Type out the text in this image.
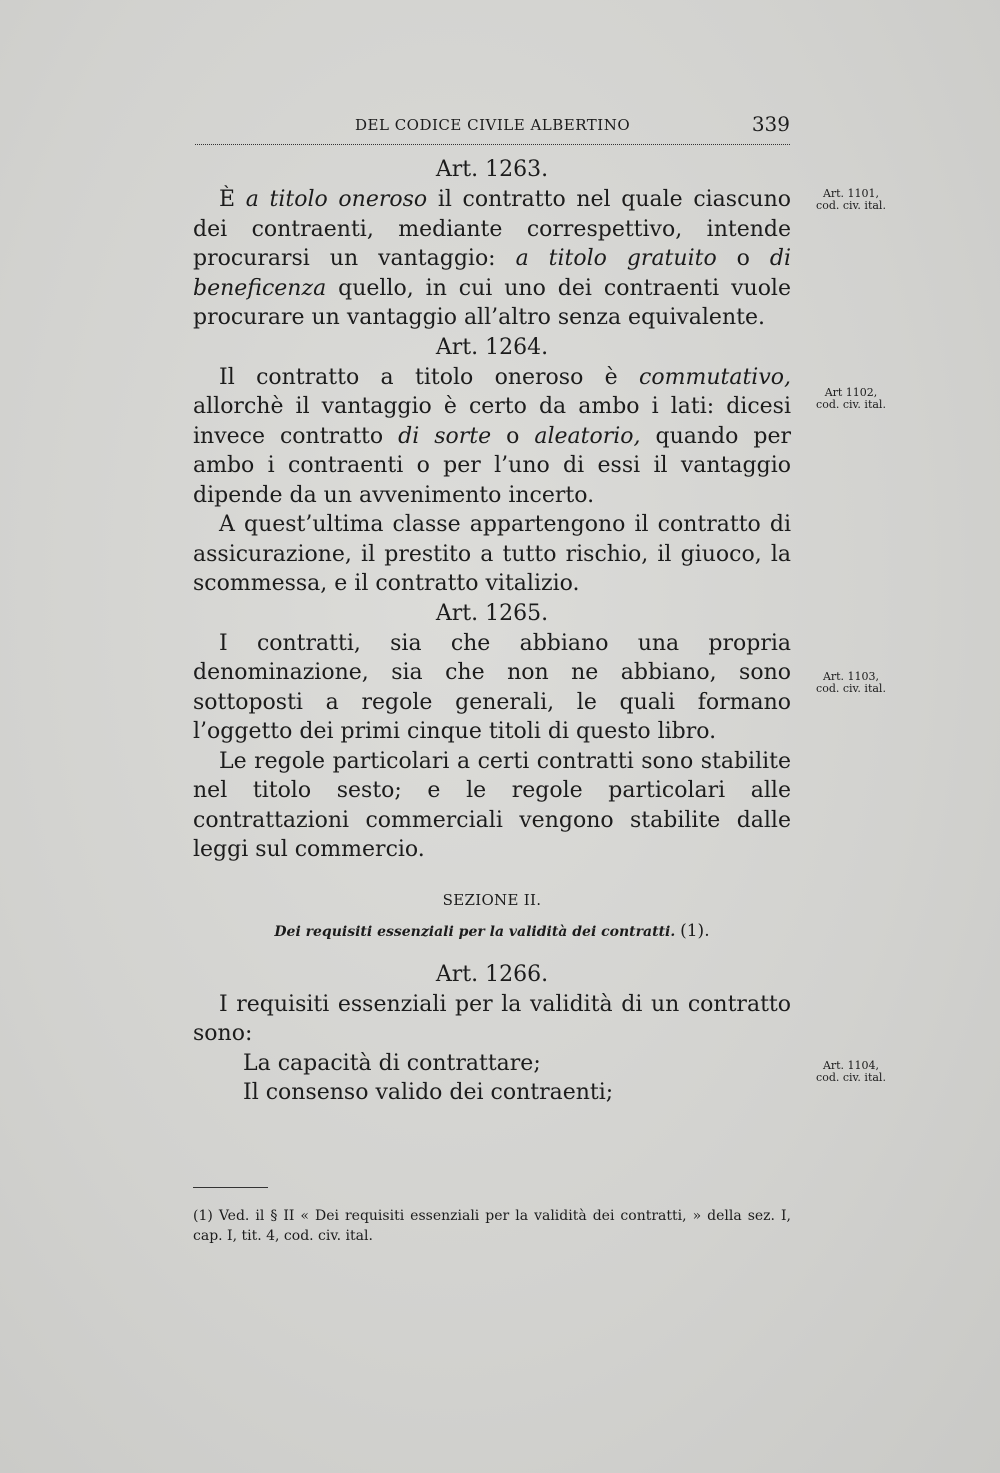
DEL CODICE CIVILE ALBERTINO	339
Art. 1263.

È a titolo oneroso il contratto nel quale ciascuno dei contraenti, mediante correspettivo, intende procurarsi un vantaggio: a titolo gratuito o di beneficenza quello, in cui uno dei contraenti vuole procurare un vantaggio all’altro senza equivalente.

Art. 1264.

Il contratto a titolo oneroso è commutativo, allorchè il vantaggio è certo da ambo i lati: dicesi invece contratto di sorte o aleatorio, quando per ambo i contraenti o per l’uno di essi il vantaggio dipende da un avvenimento incerto.

A quest’ultima classe appartengono il contratto di assicurazione, il prestito a tutto rischio, il giuoco, la scommessa, e il contratto vitalizio.

Art. 1265.

I contratti, sia che abbiano una propria denominazione, sia che non ne abbiano, sono sottoposti a regole generali, le quali formano l’oggetto dei primi cinque titoli di questo libro.

Le regole particolari a certi contratti sono stabilite nel titolo sesto; e le regole particolari alle contrattazioni commerciali vengono stabilite dalle leggi sul commercio.

SEZIONE II.
Dei requisiti essenziali per la validità dei contratti. (1).
Art. 1266.

I requisiti essenziali per la validità di un contratto sono:

La capacità di contrattare;

Il consenso valido dei contraenti;

Art. 1101,
cod. civ. ital.
Art 1102,
cod. civ. ital.
Art. 1103,
cod. civ. ital.
Art. 1104,
cod. civ. ital.
(1) Ved. il § II « Dei requisiti essenziali per la validità dei contratti, » della sez. I, cap. I, tit. 4, cod. civ. ital.
